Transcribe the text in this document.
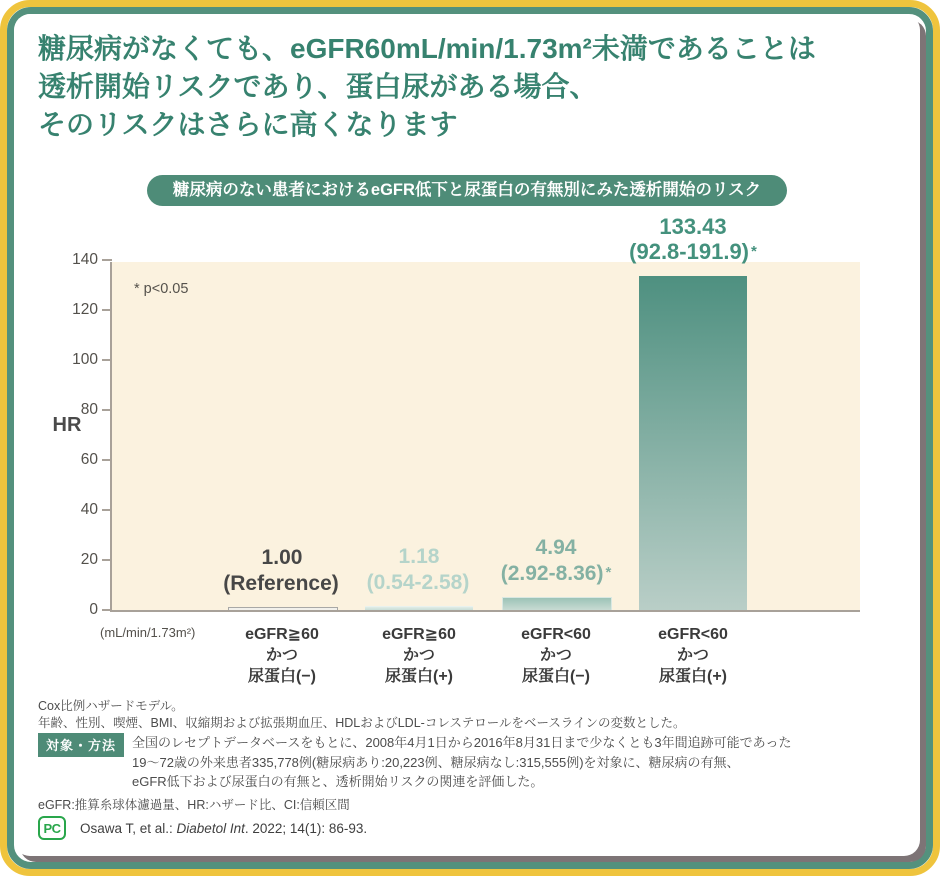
糖尿病がなくても、eGFR60mL/min/1.73m²未満であることは
透析開始リスクであり、蛋白尿がある場合、
そのリスクはさらに高くなります
糖尿病のない患者におけるeGFR低下と尿蛋白の有無別にみた透析開始のリスク
HR
* p<0.05
1.00
(Reference)
1.18
(0.54-2.58)
4.94
(2.92-8.36) *
133.43
(92.8-191.9) *
(mL/min/1.73m²)	eGFR≧60
かつ
尿蛋白(−)
eGFR≧60
かつ
尿蛋白(+)
eGFR<60
かつ
尿蛋白(−)
eGFR<60
かつ
尿蛋白(+)
0
20
40
60
80
100
120
140
Cox比例ハザードモデル。
年齢、性別、喫煙、BMI、収縮期および拡張期血圧、HDLおよびLDL-コレステロールをベースラインの変数とした。
対象・方法	全国のレセプトデータベースをもとに、2008年4月1日から2016年8月31日まで少なくとも3年間追跡可能であった
19〜72歳の外来患者335,778例(糖尿病あり:20,223例、糖尿病なし:315,555例)を対象に、糖尿病の有無、
eGFR低下および尿蛋白の有無と、透析開始リスクの関連を評価した。
eGFR:推算糸球体濾過量、HR:ハザード比、CI:信頼区間
PC	Osawa T, et al.: Diabetol Int. 2022; 14(1): 86-93.
